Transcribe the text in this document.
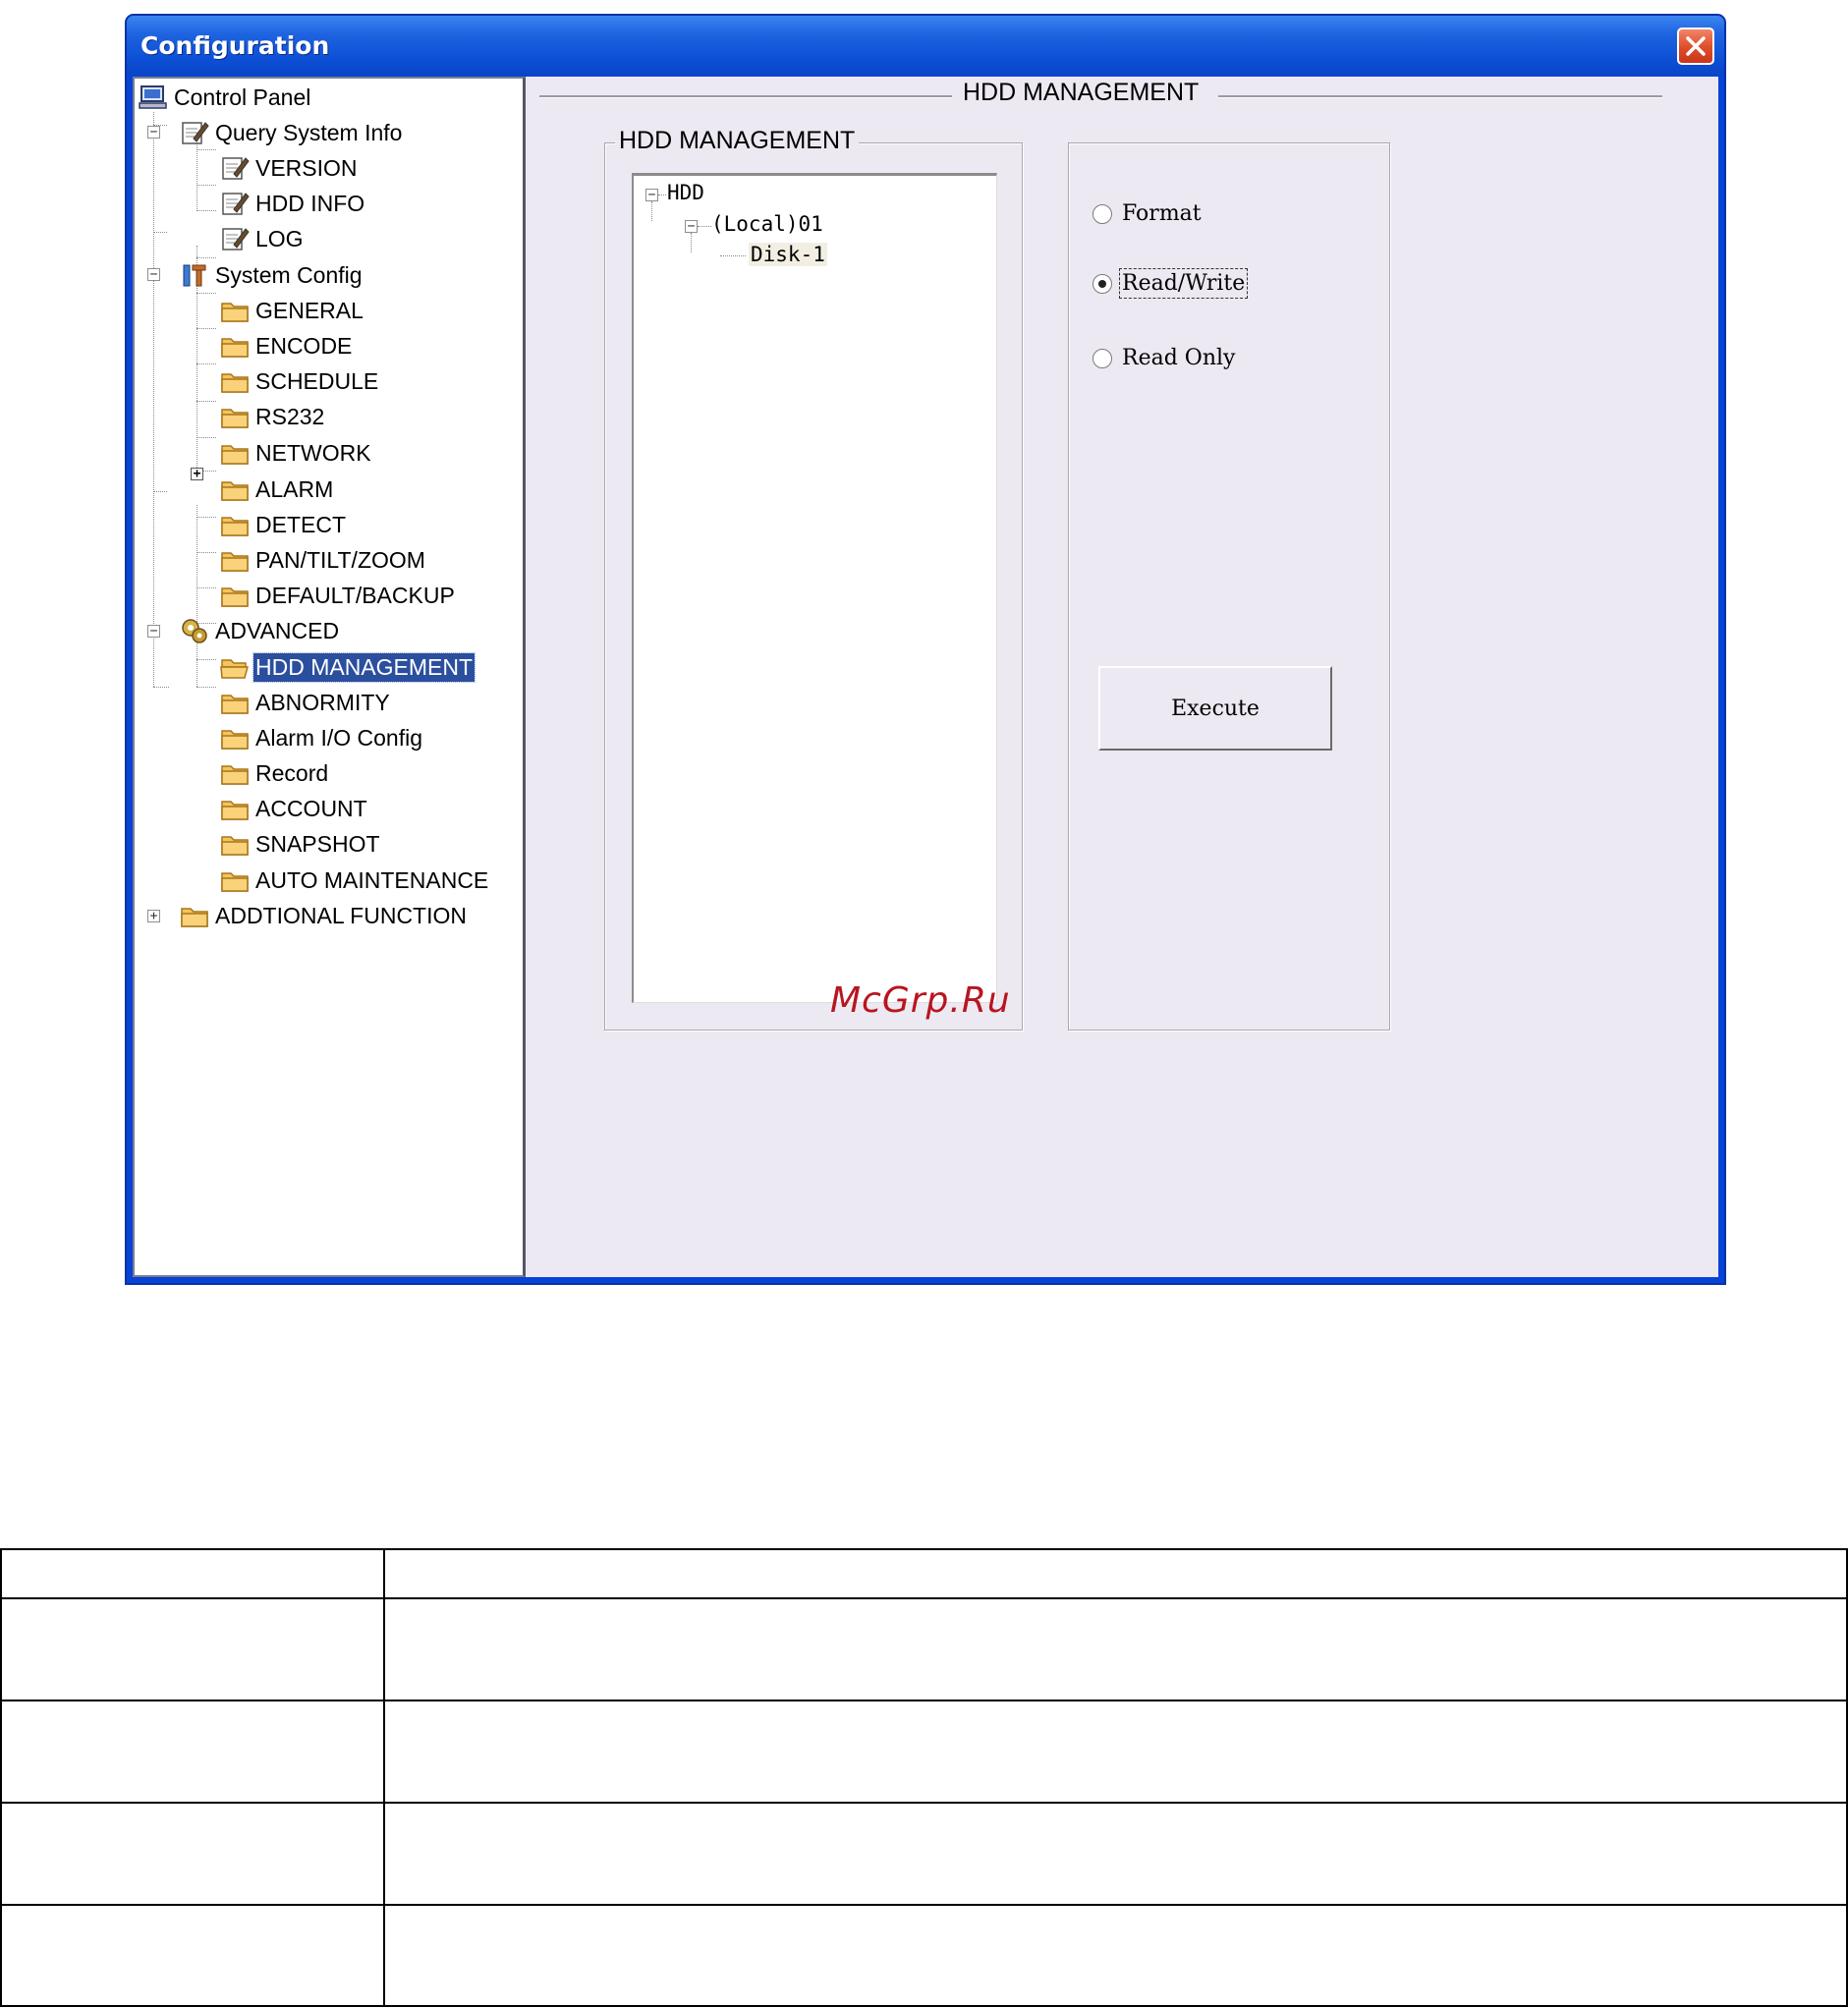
Configuration
−
−
+
−
+
Control Panel
Query System Info
VERSION
HDD INFO
LOG
System Config
GENERAL
ENCODE
SCHEDULE
RS232
NETWORK
ALARM
DETECT
PAN/TILT/ZOOM
DEFAULT/BACKUP
ADVANCED
HDD MANAGEMENT
ABNORMITY
Alarm I/O Config
Record
ACCOUNT
SNAPSHOT
AUTO MAINTENANCE
ADDTIONAL FUNCTION
HDD MANAGEMENT
HDD MANAGEMENT
− HDD
− (Local)01
Disk-1
Format
Read/Write
Read Only
Execute
McGrp.Ru
